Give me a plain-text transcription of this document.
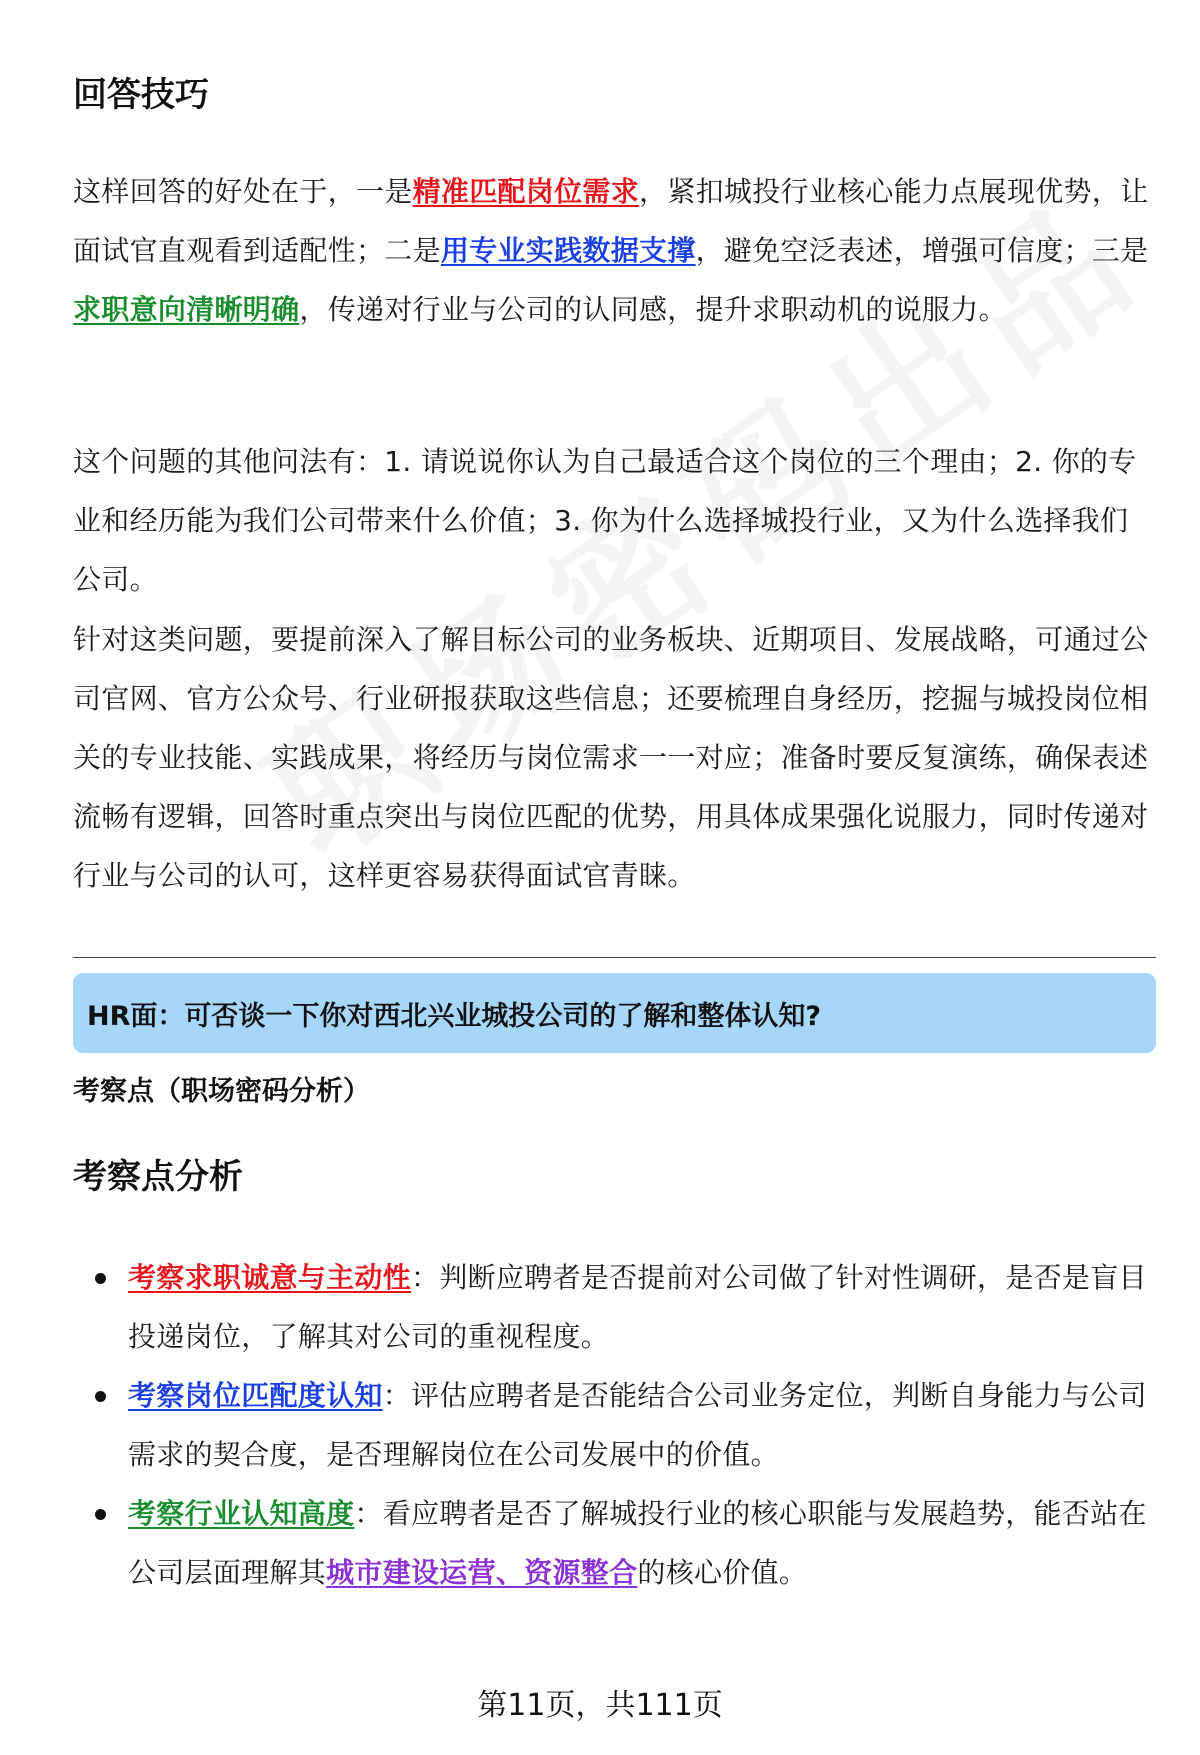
回答技巧

这样回答的好处在于，一是精准匹配岗位需求，紧扣城投行业核心能力点展现优势，让面试官直观看到适配性；二是用专业实践数据支撑，避免空泛表述，增强可信度；三是求职意向清晰明确，传递对行业与公司的认同感，提升求职动机的说服力。

这个问题的其他问法有：1. 请说说你认为自己最适合这个岗位的三个理由；2. 你的专业和经历能为我们公司带来什么价值；3. 你为什么选择城投行业，又为什么选择我们公司。

针对这类问题，要提前深入了解目标公司的业务板块、近期项目、发展战略，可通过公司官网、官方公众号、行业研报获取这些信息；还要梳理自身经历，挖掘与城投岗位相关的专业技能、实践成果，将经历与岗位需求一一对应；准备时要反复演练，确保表述流畅有逻辑，回答时重点突出与岗位匹配的优势，用具体成果强化说服力，同时传递对行业与公司的认可，这样更容易获得面试官青睐。

HR面：可否谈一下你对西北兴业城投公司的了解和整体认知?

考察点（职场密码分析）

考察点分析
考察求职诚意与主动性：判断应聘者是否提前对公司做了针对性调研，是否是盲目投递岗位，了解其对公司的重视程度。
考察岗位匹配度认知：评估应聘者是否能结合公司业务定位，判断自身能力与公司需求的契合度，是否理解岗位在公司发展中的价值。
考察行业认知高度：看应聘者是否了解城投行业的核心职能与发展趋势，能否站在公司层面理解其城市建设运营、资源整合的核心价值。
第11页，共111页
